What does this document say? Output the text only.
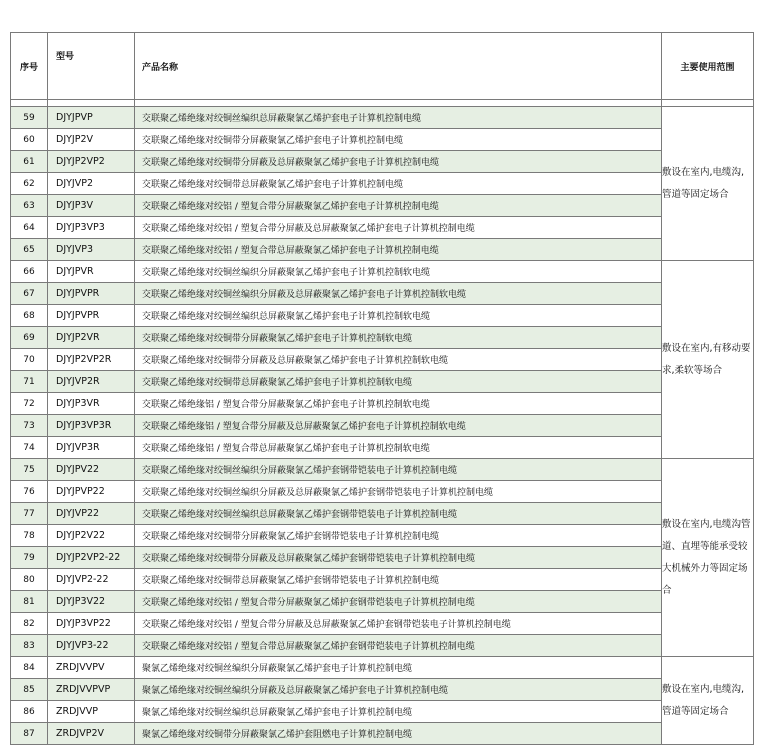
序号	型号	产品名称	主要使用范围

59	DJYJPVP	交联聚乙烯绝缘对绞铜丝编织总屏蔽聚氯乙烯护套电子计算机控制电缆	敷设在室内,电缆沟,管道等固定场合
60	DJYJP2V	交联聚乙烯绝缘对绞铜带分屏蔽聚氯乙烯护套电子计算机控制电缆	
61	DJYJP2VP2	交联聚乙烯绝缘对绞铜带分屏蔽及总屏蔽聚氯乙烯护套电子计算机控制电缆	
62	DJYJVP2	交联聚乙烯绝缘对绞铜带总屏蔽聚氯乙烯护套电子计算机控制电缆	
63	DJYJP3V	交联聚乙烯绝缘对绞铝 / 塑复合带分屏蔽聚氯乙烯护套电子计算机控制电缆	
64	DJYJP3VP3	交联聚乙烯绝缘对绞铝 / 塑复合带分屏蔽及总屏蔽聚氯乙烯护套电子计算机控制电缆	
65	DJYJVP3	交联聚乙烯绝缘对绞铝 / 塑复合带总屏蔽聚氯乙烯护套电子计算机控制电缆	
66	DJYJPVR	交联聚乙烯绝缘对绞铜丝编织分屏蔽聚氯乙烯护套电子计算机控制软电缆	敷设在室内,有移动要求,柔软等场合
67	DJYJPVPR	交联聚乙烯绝缘对绞铜丝编织分屏蔽及总屏蔽聚氯乙烯护套电子计算机控制软电缆	
68	DJYJPVPR	交联聚乙烯绝缘对绞铜丝编织总屏蔽聚氯乙烯护套电子计算机控制软电缆	
69	DJYJP2VR	交联聚乙烯绝缘对绞铜带分屏蔽聚氯乙烯护套电子计算机控制软电缆	
70	DJYJP2VP2R	交联聚乙烯绝缘对绞铜带分屏蔽及总屏蔽聚氯乙烯护套电子计算机控制软电缆	
71	DJYJVP2R	交联聚乙烯绝缘对绞铜带总屏蔽聚氯乙烯护套电子计算机控制软电缆	
72	DJYJP3VR	交联聚乙烯绝缘铝 / 塑复合带分屏蔽聚氯乙烯护套电子计算机控制软电缆	
73	DJYJP3VP3R	交联聚乙烯绝缘铝 / 塑复合带分屏蔽及总屏蔽聚氯乙烯护套电子计算机控制软电缆	
74	DJYJVP3R	交联聚乙烯绝缘铝 / 塑复合带总屏蔽聚氯乙烯护套电子计算机控制软电缆	
75	DJYJPV22	交联聚乙烯绝缘对绞铜丝编织分屏蔽聚氯乙烯护套钢带铠装电子计算机控制电缆	敷设在室内,电缆沟管道、直埋等能承受较大机械外力等固定场合
76	DJYJPVP22	交联聚乙烯绝缘对绞铜丝编织分屏蔽及总屏蔽聚氯乙烯护套钢带铠装电子计算机控制电缆	
77	DJYJVP22	交联聚乙烯绝缘对绞铜丝编织总屏蔽聚氯乙烯护套钢带铠装电子计算机控制电缆	
78	DJYJP2V22	交联聚乙烯绝缘对绞铜带分屏蔽聚氯乙烯护套钢带铠装电子计算机控制电缆	
79	DJYJP2VP2-22	交联聚乙烯绝缘对绞铜带分屏蔽及总屏蔽聚氯乙烯护套钢带铠装电子计算机控制电缆	
80	DJYJVP2-22	交联聚乙烯绝缘对绞铜带总屏蔽聚氯乙烯护套钢带铠装电子计算机控制电缆	
81	DJYJP3V22	交联聚乙烯绝缘对绞铝 / 塑复合带分屏蔽聚氯乙烯护套钢带铠装电子计算机控制电缆	
82	DJYJP3VP22	交联聚乙烯绝缘对绞铝 / 塑复合带分屏蔽及总屏蔽聚氯乙烯护套钢带铠装电子计算机控制电缆	
83	DJYJVP3-22	交联聚乙烯绝缘对绞铝 / 塑复合带总屏蔽聚氯乙烯护套钢带铠装电子计算机控制电缆	
84	ZRDJVVPV	聚氯乙烯绝缘对绞铜丝编织分屏蔽聚氯乙烯护套电子计算机控制电缆	敷设在室内,电缆沟,管道等固定场合
85	ZRDJVVPVP	聚氯乙烯绝缘对绞铜丝编织分屏蔽及总屏蔽聚氯乙烯护套电子计算机控制电缆	
86	ZRDJVVP	聚氯乙烯绝缘对绞铜丝编织总屏蔽聚氯乙烯护套电子计算机控制电缆	
87	ZRDJVP2V	聚氯乙烯绝缘对绞铜带分屏蔽聚氯乙烯护套阻燃电子计算机控制电缆	
